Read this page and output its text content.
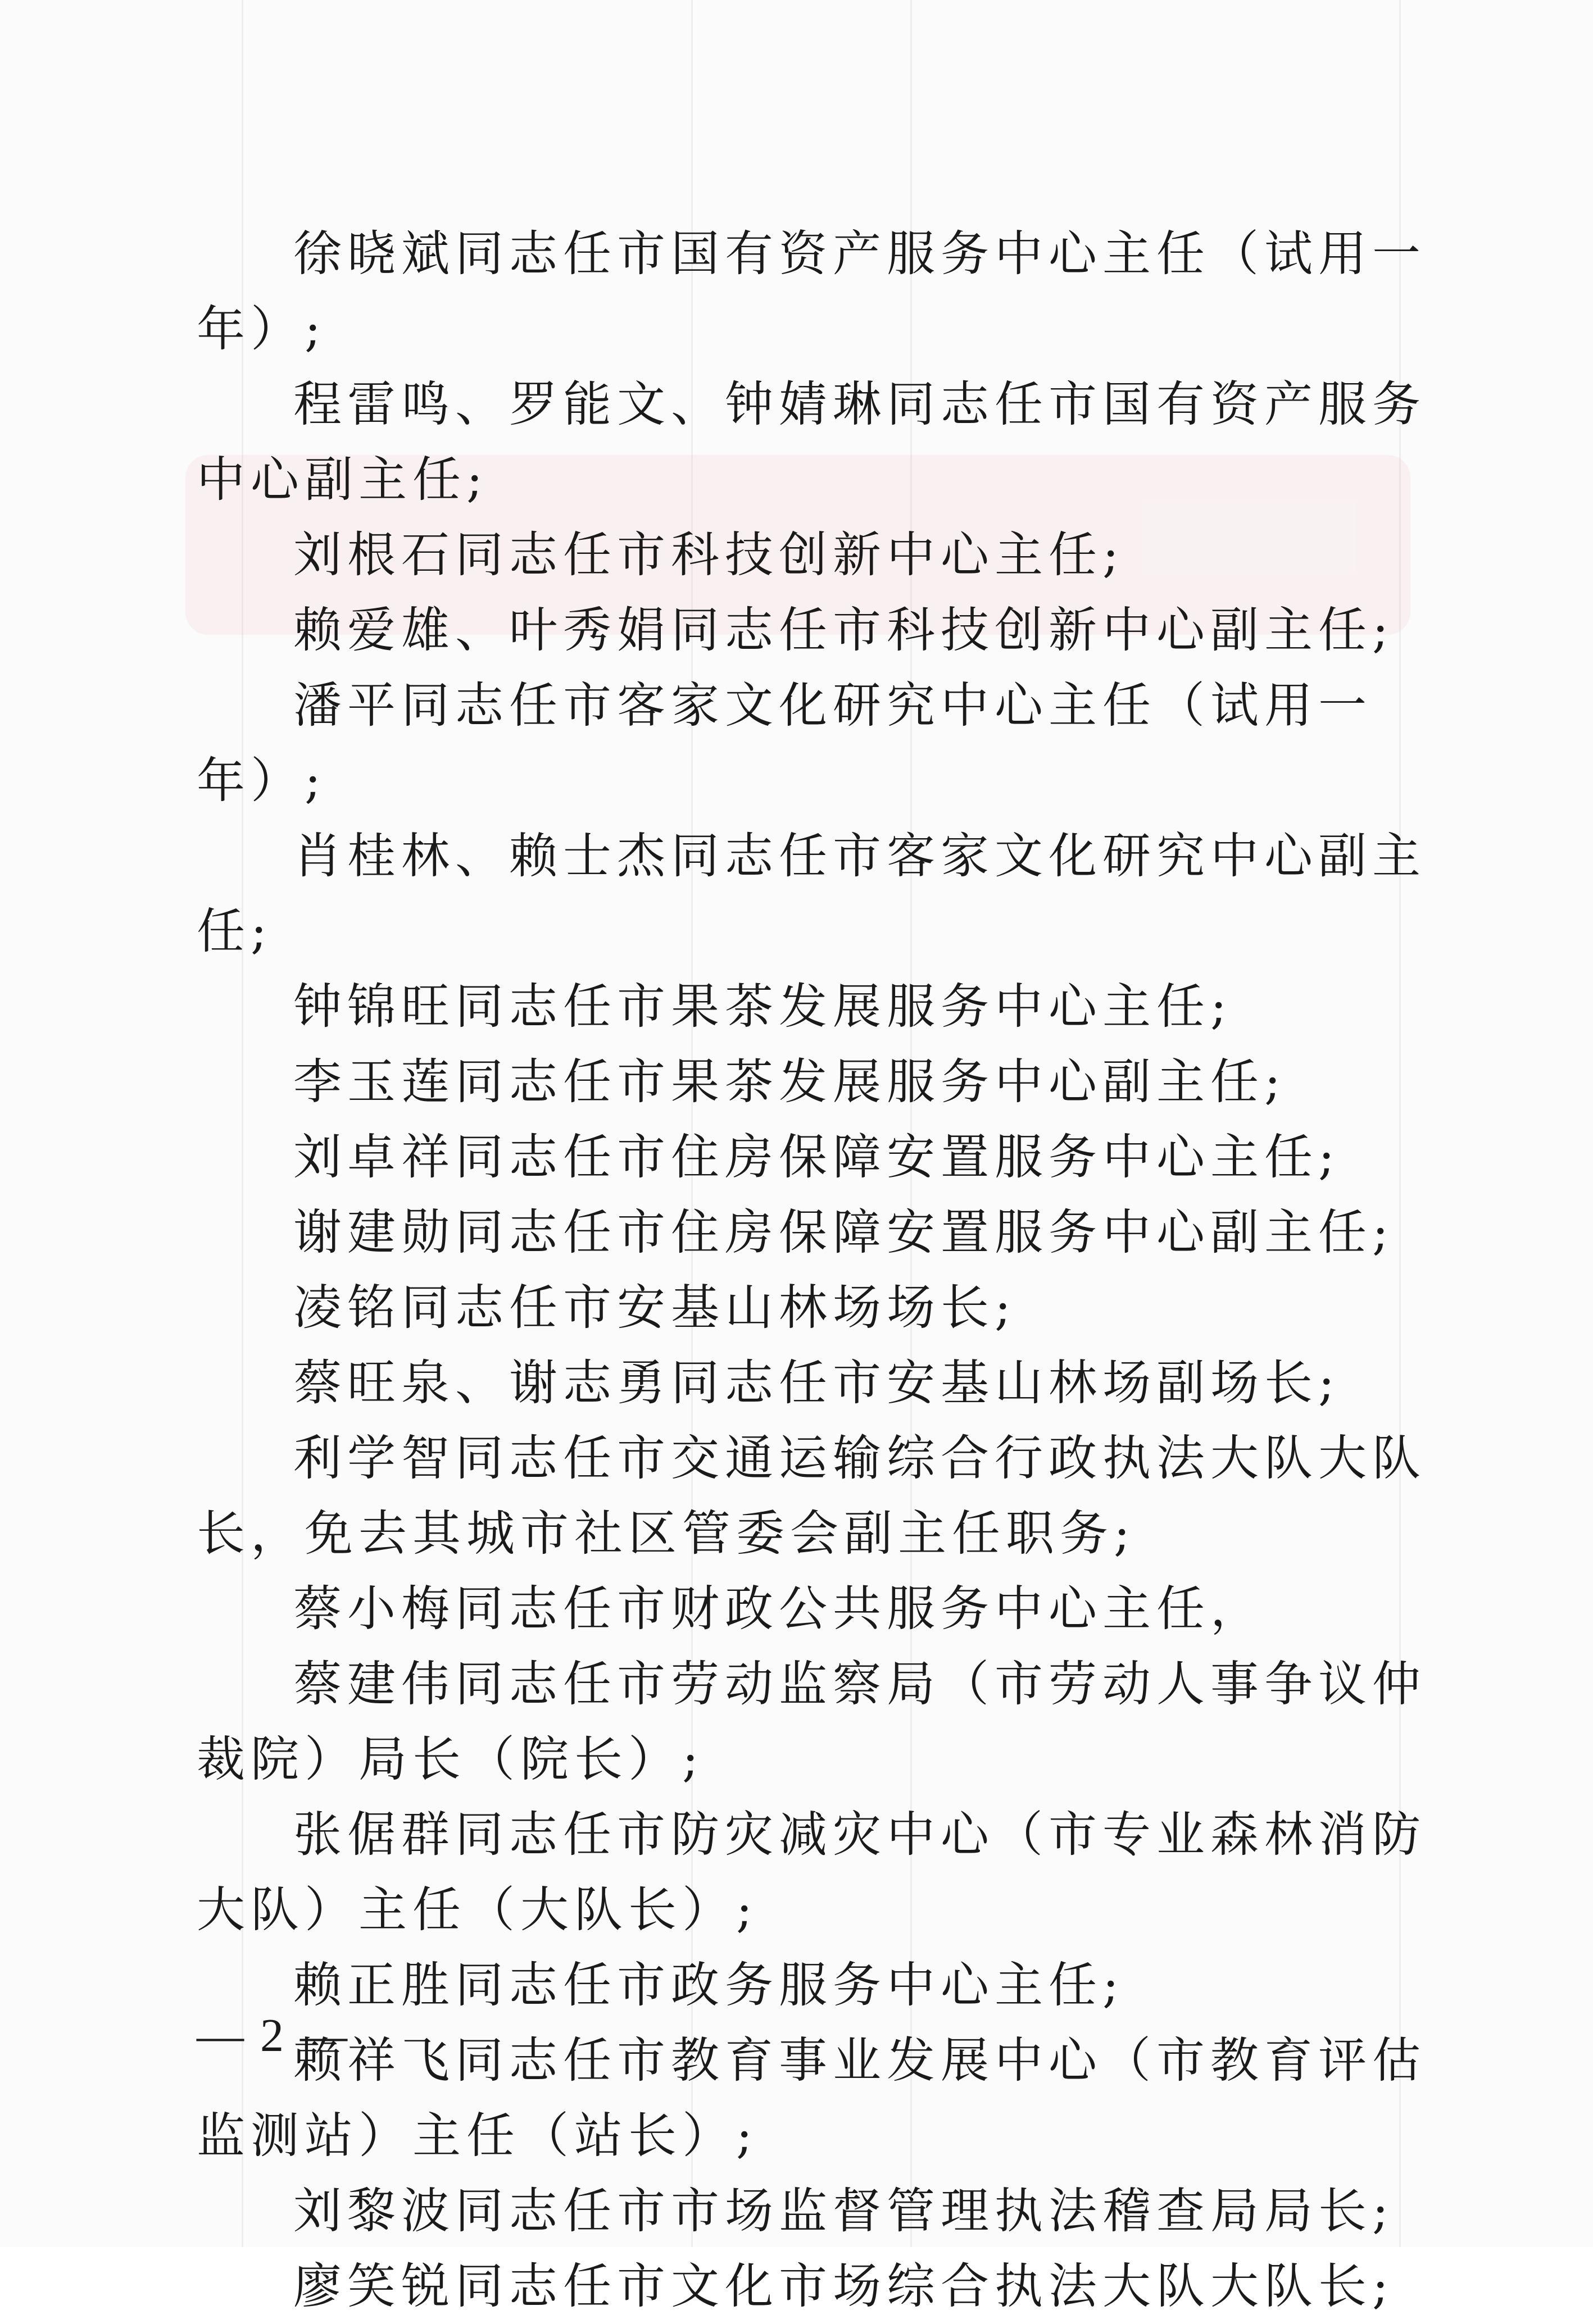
徐晓斌同志任市国有资产服务中心主任（试用一年）;

程雷鸣、罗能文、钟婧琳同志任市国有资产服务中心副主任;

刘根石同志任市科技创新中心主任;

赖爱雄、叶秀娟同志任市科技创新中心副主任;

潘平同志任市客家文化研究中心主任（试用一年）;

肖桂林、赖士杰同志任市客家文化研究中心副主任;

钟锦旺同志任市果茶发展服务中心主任;

李玉莲同志任市果茶发展服务中心副主任;

刘卓祥同志任市住房保障安置服务中心主任;

谢建勋同志任市住房保障安置服务中心副主任;

凌铭同志任市安基山林场场长;

蔡旺泉、谢志勇同志任市安基山林场副场长;

利学智同志任市交通运输综合行政执法大队大队长，免去其城市社区管委会副主任职务;

蔡小梅同志任市财政公共服务中心主任，

蔡建伟同志任市劳动监察局（市劳动人事争议仲裁院）局长（院长）;

张倨群同志任市防灾减灾中心（市专业森林消防大队）主任（大队长）;

赖正胜同志任市政务服务中心主任;

赖祥飞同志任市教育事业发展中心（市教育评估监测站）主任（站长）;

刘黎波同志任市市场监督管理执法稽查局局长;

廖笑锐同志任市文化市场综合执法大队大队长;

— 2 —
